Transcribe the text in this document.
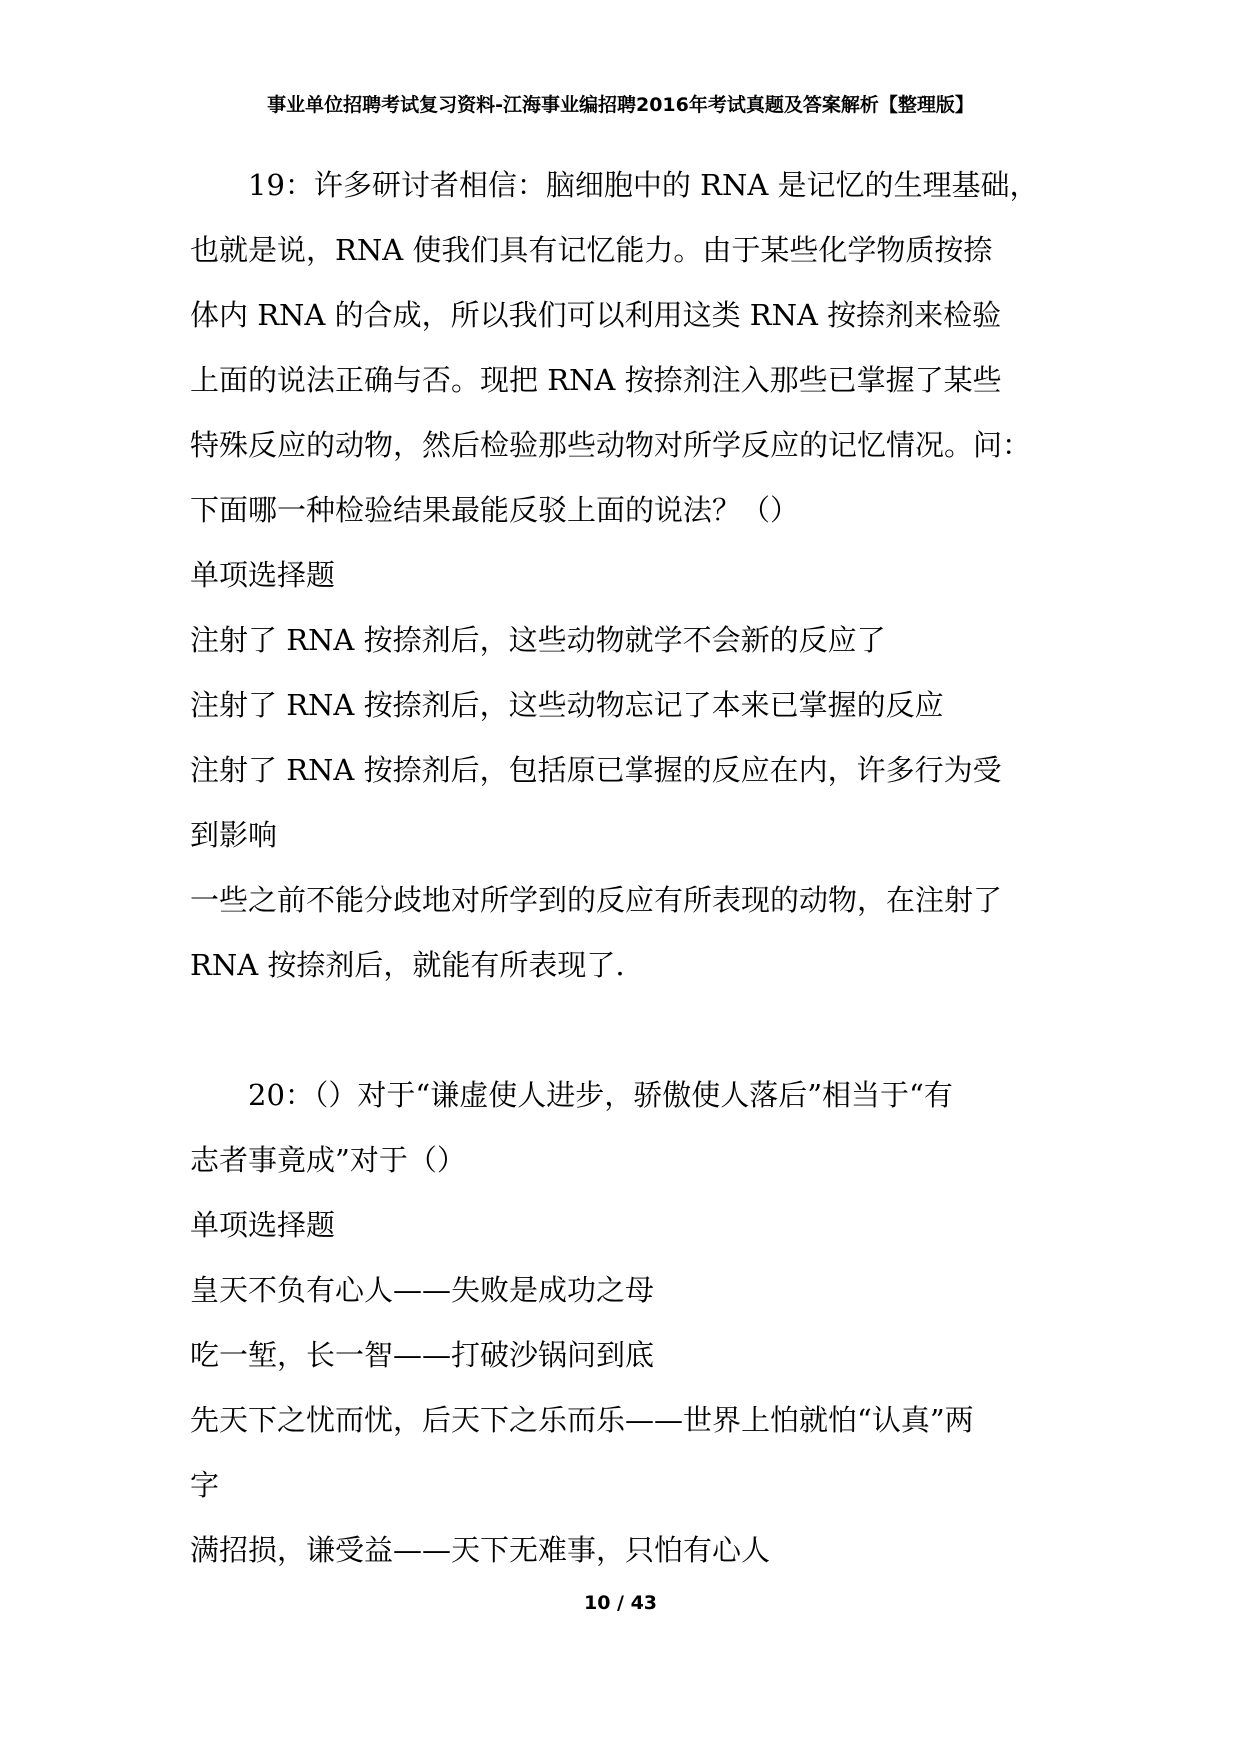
事业单位招聘考试复习资料-江海事业编招聘2016年考试真题及答案解析【整理版】

19：许多研讨者相信：脑细胞中的 RNA 是记忆的生理基础，

也就是说，RNA 使我们具有记忆能力。由于某些化学物质按捺

体内 RNA 的合成，所以我们可以利用这类 RNA 按捺剂来检验

上面的说法正确与否。现把 RNA 按捺剂注入那些已掌握了某些

特殊反应的动物，然后检验那些动物对所学反应的记忆情况。问：

下面哪一种检验结果最能反驳上面的说法？（）

单项选择题

注射了 RNA 按捺剂后，这些动物就学不会新的反应了

注射了 RNA 按捺剂后，这些动物忘记了本来已掌握的反应

注射了 RNA 按捺剂后，包括原已掌握的反应在内，许多行为受

到影响

一些之前不能分歧地对所学到的反应有所表现的动物，在注射了

RNA 按捺剂后，就能有所表现了.

20：（）对于“谦虚使人进步，骄傲使人落后”相当于“有

志者事竟成”对于（）

单项选择题

皇天不负有心人——失败是成功之母

吃一堑，长一智——打破沙锅问到底

先天下之忧而忧，后天下之乐而乐——世界上怕就怕“认真”两

字

满招损，谦受益——天下无难事，只怕有心人

10 / 43
